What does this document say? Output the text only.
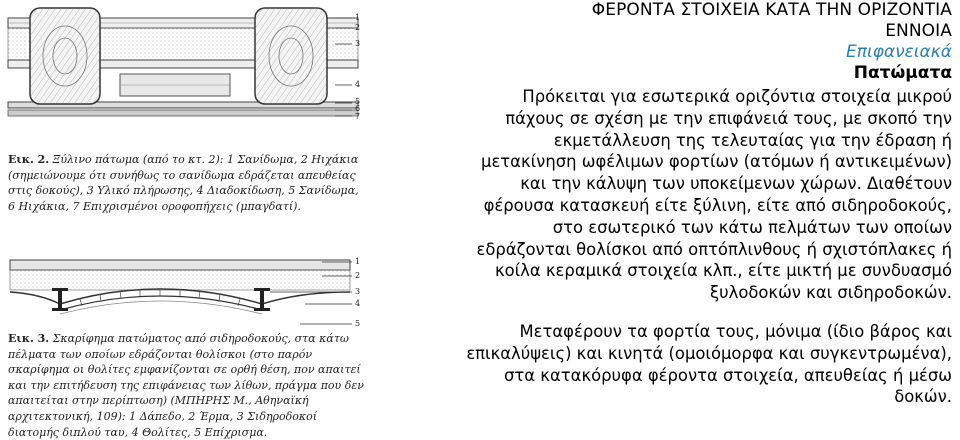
1
2
3
4
5
6
7
Εικ. 2. Ξύλινο πάτωμα (από το κτ. 2): 1 Σανίδωμα, 2 Ηιχάκια (σημειώνουμε ότι συνήθως το σανίδωμα εδράζεται απευθείας στις δοκούς), 3 Υλικό πλήρωσης, 4 Διαδοκίδωση, 5 Σανίδωμα, 6 Ηιχάκια, 7 Επιχρισμένοι οροφοπήχεις (μπαγδατί).
1
2
3
4
5
Εικ. 3. Σκαρίφημα πατώματος από σιδηροδοκούς, στα κάτω πέλματα των οποίων εδράζονται θολίσκοι (στο παρόν σκαρίφημα οι θολίτες εμφανίζονται σε ορθή θέση, πον απαιτεί και την επιτήδευση της επιφάνειας των λίθων, πράγμα που δεν απαιτείται στην περίπτωση) (ΜΠΗΡΗΣ Μ., Αθηναϊκή αρχιτεκτονική, 109): 1 Δάπεδο, 2 Έρμα, 3 Σιδηροδοκοί διατομής διπλού ταυ, 4 Θολίτες, 5 Επίχρισμα.
ΦΕΡΟΝΤΑ ΣΤΟΙΧΕΙΑ ΚΑΤΑ ΤΗΝ ΟΡΙΖΟΝΤΙΑ
ΕΝΝΟΙΑ
Επιφανειακά
Πατώματα
Πρόκειται για εσωτερικά οριζόντια στοιχεία μικρού
πάχους σε σχέση με την επιφάνειά τους, με σκοπό την
εκμετάλλευση της τελευταίας για την έδραση ή
μετακίνηση ωφέλιμων φορτίων (ατόμων ή αντικειμένων)
και την κάλυψη των υποκείμενων χώρων. Διαθέτουν
φέρουσα κατασκευή είτε ξύλινη, είτε από σιδηροδοκούς,
στο εσωτερικό των κάτω πελμάτων των οποίων
εδράζονται θολίσκοι από οπτόπλινθους ή σχιστόπλακες ή
κοίλα κεραμικά στοιχεία κλπ., είτε μικτή με συνδυασμό
ξυλοδοκών και σιδηροδοκών.
Μεταφέρουν τα φορτία τους, μόνιμα (ίδιο βάρος και
επικαλύψεις) και κινητά (ομοιόμορφα και συγκεντρωμένα),
στα κατακόρυφα φέροντα στοιχεία, απευθείας ή μέσω
δοκών.
